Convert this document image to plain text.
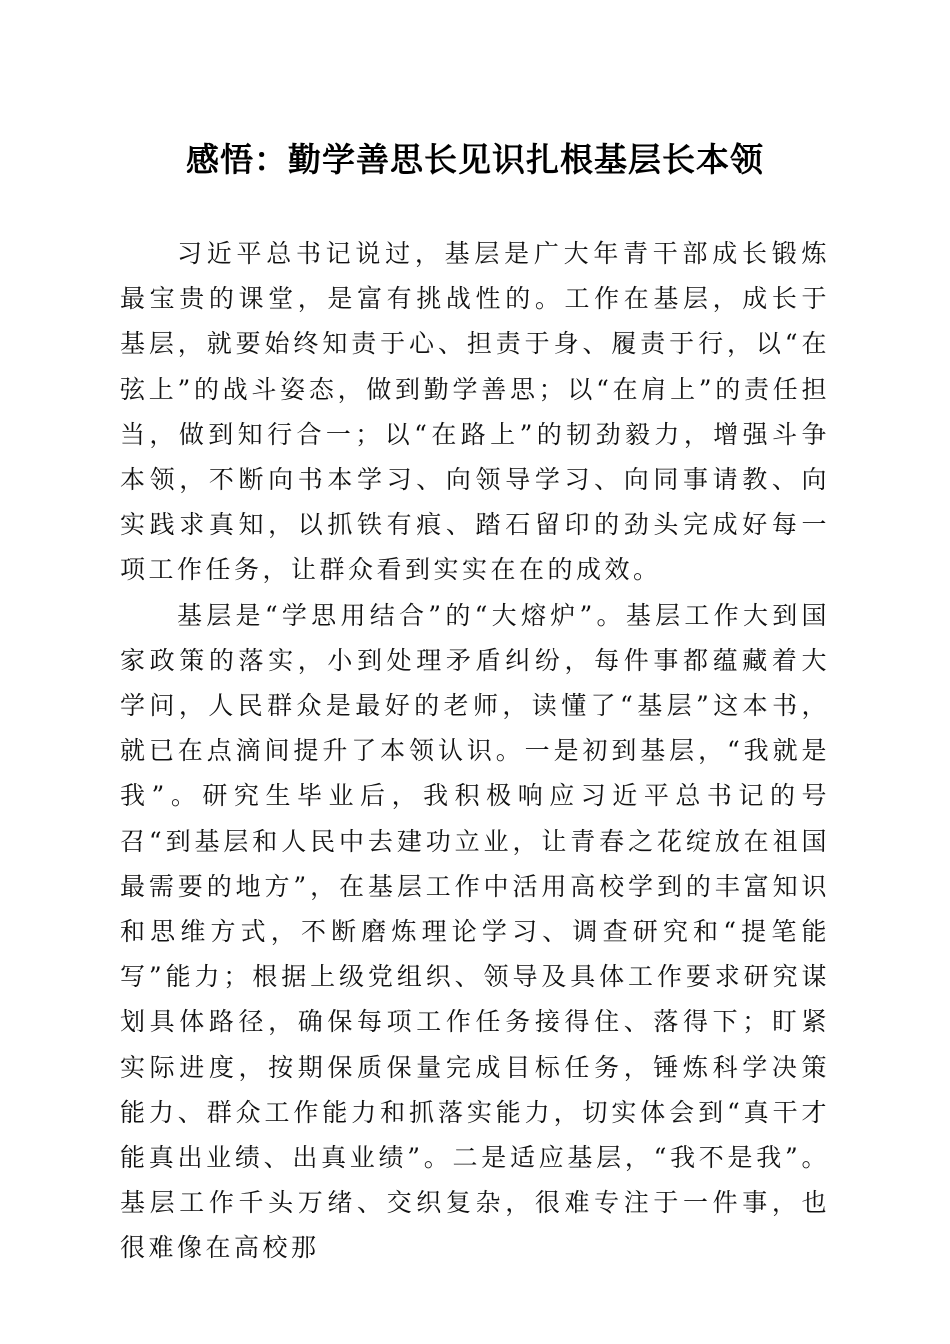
感悟：勤学善思长见识扎根基层长本领

习近平总书记说过，基层是广大年青干部成长锻炼最宝贵的课堂，是富有挑战性的。工作在基层，成长于基层，就要始终知责于心、担责于身、履责于行，以“在弦上”的战斗姿态，做到勤学善思；以“在肩上”的责任担当，做到知行合一；以“在路上”的韧劲毅力，增强斗争本领，不断向书本学习、向领导学习、向同事请教、向实践求真知，以抓铁有痕、踏石留印的劲头完成好每一项工作任务，让群众看到实实在在的成效。

基层是“学思用结合”的“大熔炉”。基层工作大到国家政策的落实，小到处理矛盾纠纷，每件事都蕴藏着大学问，人民群众是最好的老师，读懂了“基层”这本书，就已在点滴间提升了本领认识。一是初到基层，“我就是我”。研究生毕业后，我积极响应习近平总书记的号召“到基层和人民中去建功立业，让青春之花绽放在祖国最需要的地方”，在基层工作中活用高校学到的丰富知识和思维方式，不断磨炼理论学习、调查研究和“提笔能写”能力；根据上级党组织、领导及具体工作要求研究谋划具体路径，确保每项工作任务接得住、落得下；盯紧实际进度，按期保质保量完成目标任务，锤炼科学决策能力、群众工作能力和抓落实能力，切实体会到“真干才能真出业绩、出真业绩”。二是适应基层，“我不是我”。基层工作千头万绪、交织复杂，很难专注于一件事，也很难像在高校那
